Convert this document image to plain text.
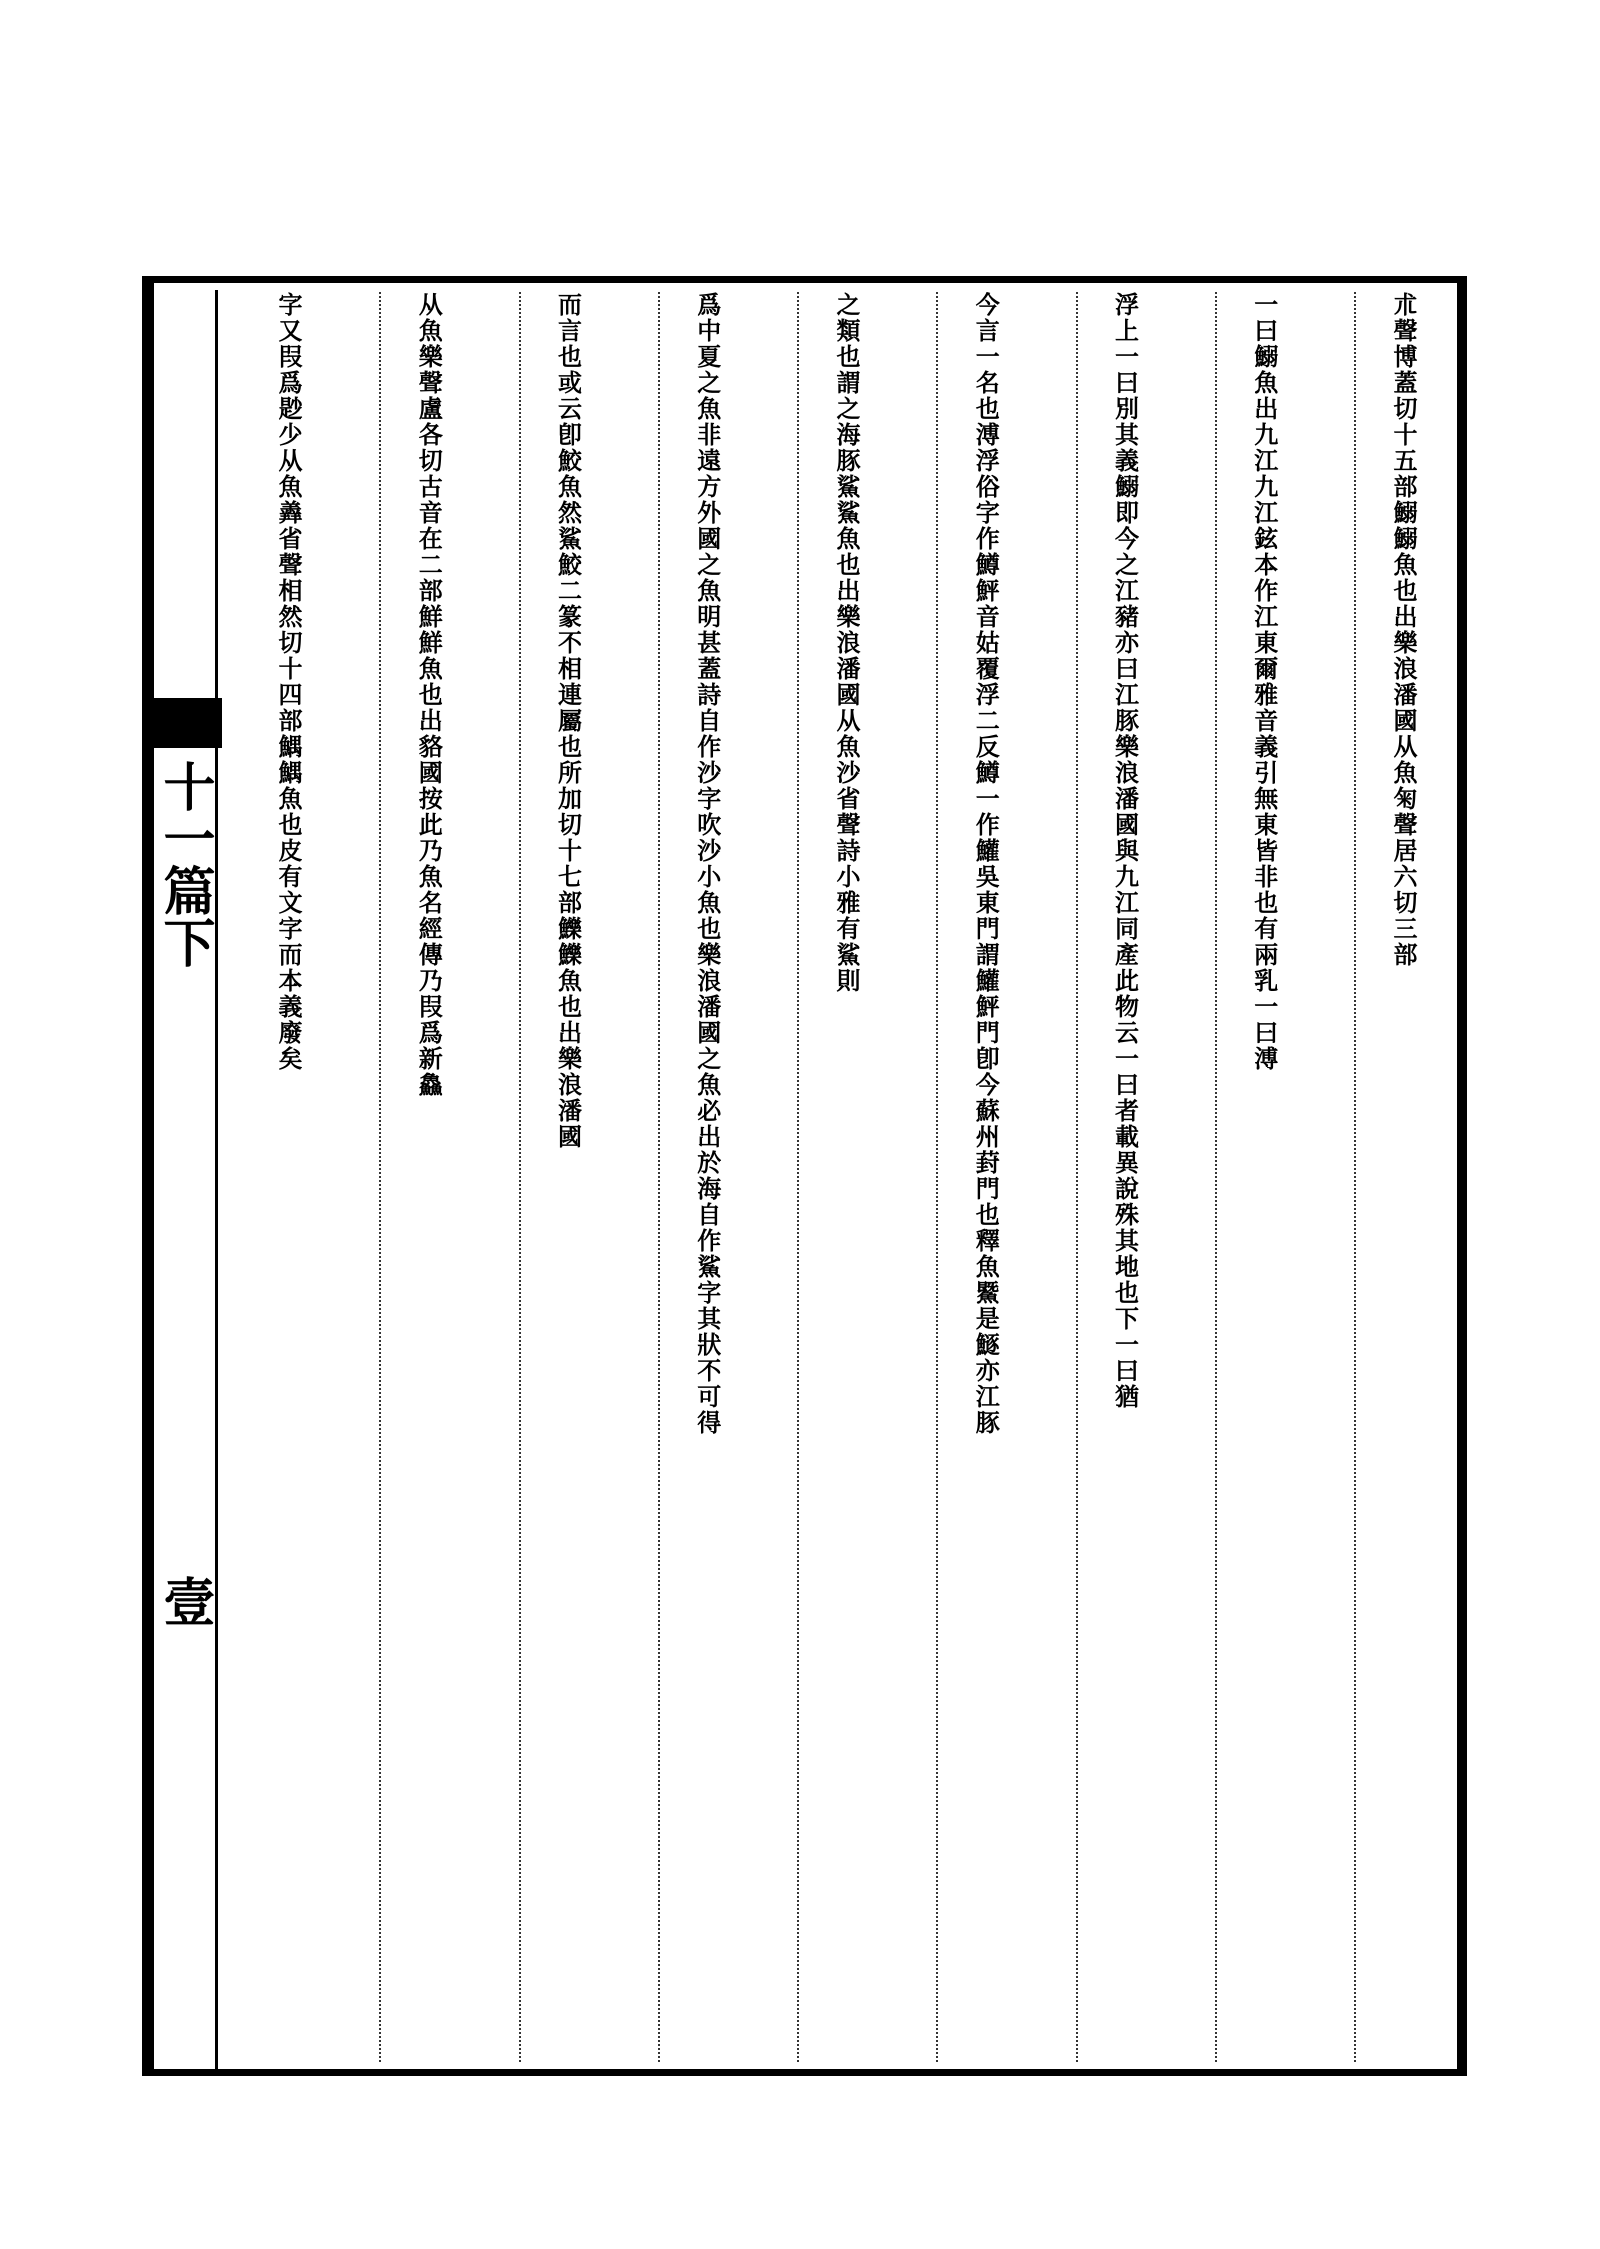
十一篇下
壹
朮聲博蓋切十五部鰯鰯魚也出樂浪潘國从魚匊聲居六切三部
一曰鰯魚出九江九江鉉本作江東爾雅音義引無東皆非也有兩乳一曰溥
浮上一曰別其義鰯即今之江豬亦曰江豚樂浪潘國與九江同產此物云一曰者載異說殊其地也下一曰猶
今言一名也溥浮俗字作鱒鮃音姑覆浮二反鱒一作鱹吳東門謂鱹鮃門卽今蘇州葑門也釋魚鱀是鱁亦江豚
之類也謂之海豚鯊鯊魚也出樂浪潘國从魚沙省聲詩小雅有鯊則
爲中夏之魚非遠方外國之魚明甚蓋詩自作沙字吹沙小魚也樂浪潘國之魚必出於海自作鯊字其狀不可得
而言也或云卽鮫魚然鯊鮫二篆不相連屬也所加切十七部鱳鱳魚也出樂浪潘國
从魚樂聲盧各切古音在二部鮮鮮魚也出貉國按此乃魚名經傳乃叚爲新鱻
字又叚爲尟少从魚羴省聲相然切十四部鰅鰅魚也皮有文字而本義廢矣
